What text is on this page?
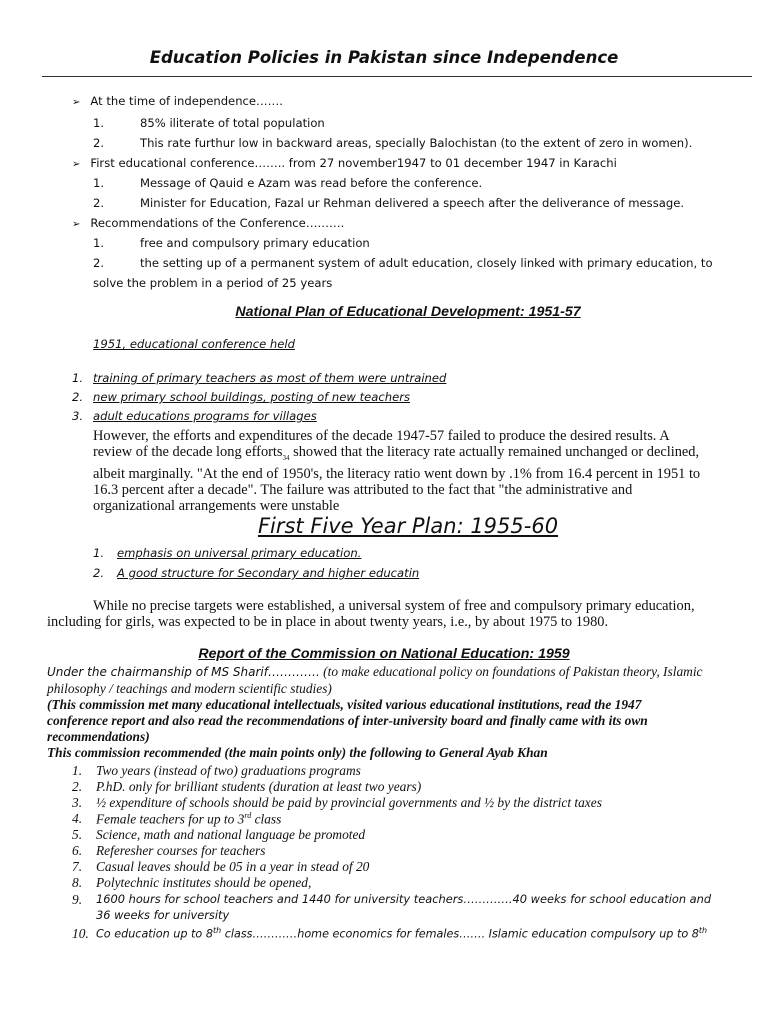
Education Policies in Pakistan since Independence
➢ At the time of independence…….
1.	85% iliterate of total population
2.	This rate furthur low in backward areas, specially Balochistan (to the extent of zero in women).
➢ First educational conference…….. from 27 november1947 to 01 december 1947 in Karachi
1.	Message of Qauid e Azam was read before the conference.
2.	Minister for Education, Fazal ur Rehman delivered a speech after the deliverance of message.
➢ Recommendations of the Conference……….
1.	free and compulsory primary education
2.	the setting up of a permanent system of adult education, closely linked with primary education, to
solve the problem in a period of 25 years
National Plan of Educational Development: 1951-57
1951, educational conference held
1. training of primary teachers as most of them were untrained
2. new primary school buildings, posting of new teachers
3. adult educations programs for villages
However, the efforts and expenditures of the decade 1947-57 failed to produce the desired results. A
review of the decade long efforts$_{34}$ showed that the literacy rate actually remained unchanged or declined,
albeit marginally. "At the end of 1950's, the literacy ratio went down by .1% from 16.4 percent in 1951 to
16.3 percent after a decade". The failure was attributed to the fact that "the administrative and
organizational arrangements were unstable
First Five Year Plan: 1955-60
1. emphasis on universal primary education.
2. A good structure for Secondary and higher educatin
While no precise targets were established, a universal system of free and compulsory primary education,
including for girls, was expected to be in place in about twenty years, i.e., by about 1975 to 1980.
Report of the Commission on National Education: 1959
Under the chairmanship of MS Sharif…………. (to make educational policy on foundations of Pakistan theory, Islamic
philosophy / teachings and modern scientific studies)
(This commission met many educational intellectuals, visited various educational institutions, read the 1947
conference report and also read the recommendations of inter-university board and finally came with its own
recommendations)
This commission recommended (the main points only) the following to General Ayab Khan
1. Two years (instead of two) graduations programs
2. P.hD. only for brilliant students (duration at least two years)
3. ½ expenditure of schools should be paid by provincial governments and ½ by the district taxes
4. Female teachers for up to 3rd class
5. Science, math and national language be promoted
6. Referesher courses for teachers
7. Casual leaves should be 05 in a year in stead of 20
8. Polytechnic institutes should be opened,
9. 1600 hours for school teachers and 1440 for university teachers………….40 weeks for school education and
36 weeks for university
10. Co education up to 8th class…………home economics for females……. Islamic education compulsory up to 8th
